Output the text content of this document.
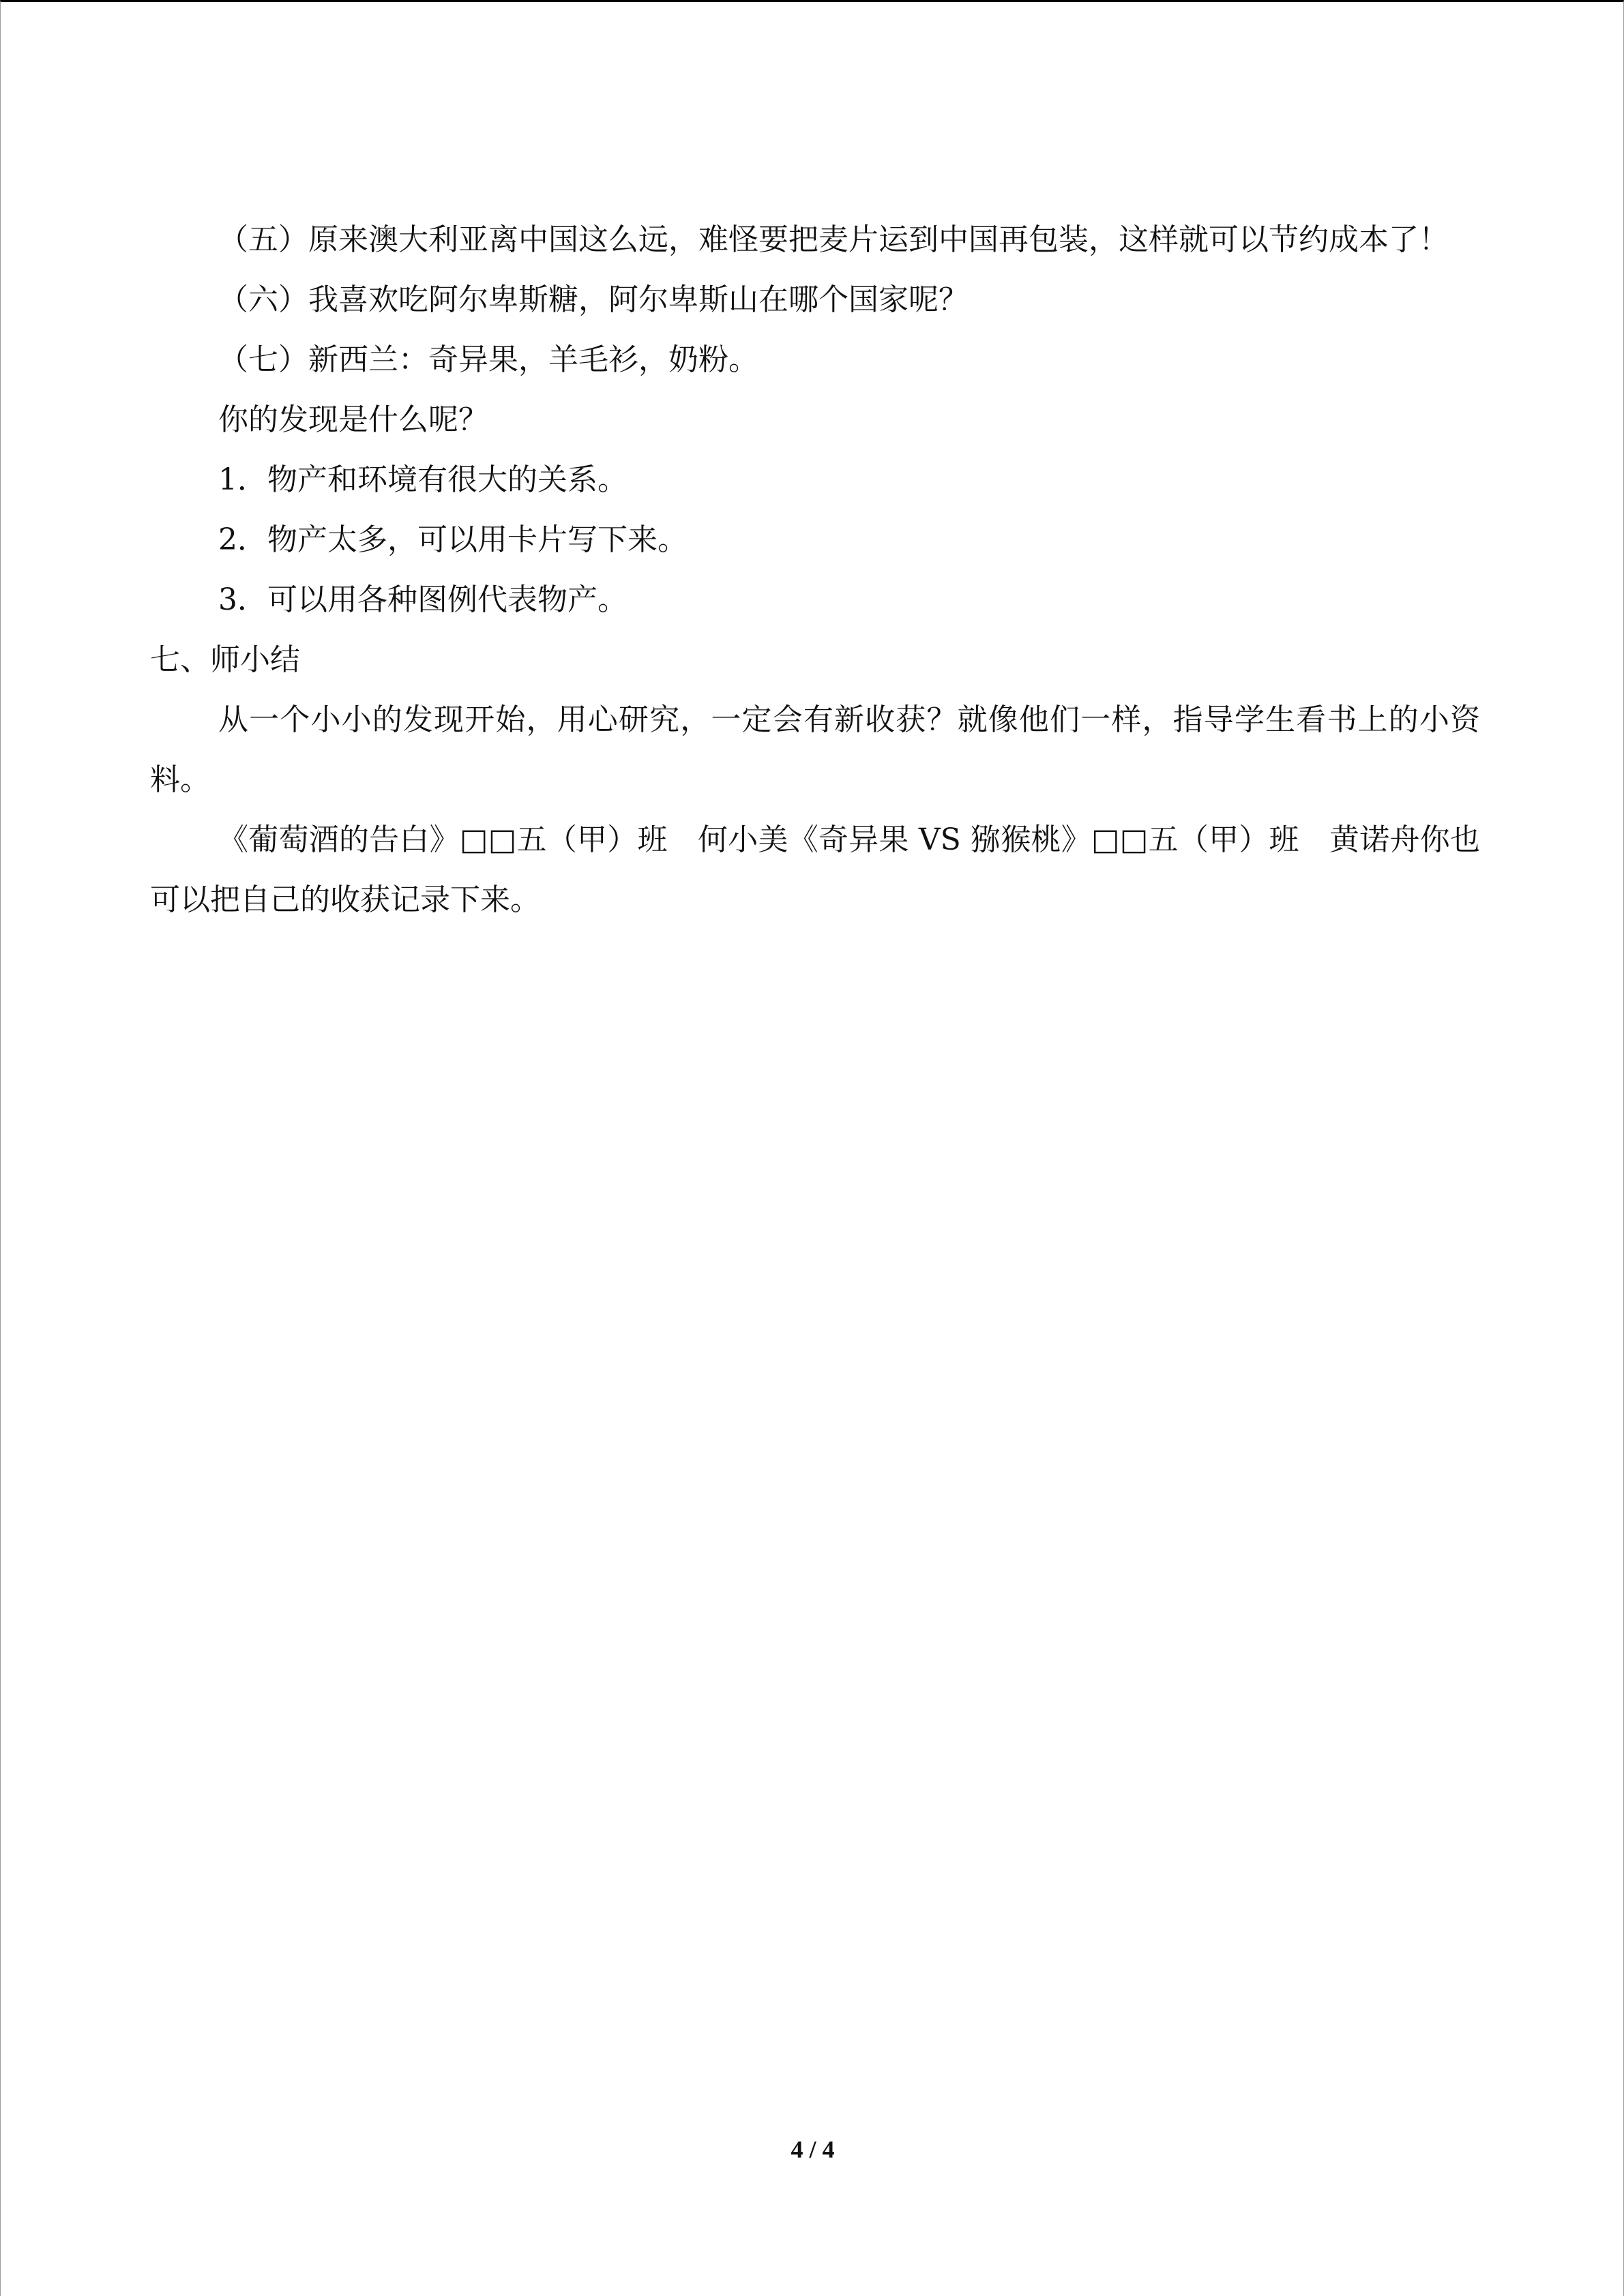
（五）原来澳大利亚离中国这么远，难怪要把麦片运到中国再包装，这样就可以节约成本了！

（六）我喜欢吃阿尔卑斯糖，阿尔卑斯山在哪个国家呢？

（七）新西兰：奇异果，羊毛衫，奶粉。

你的发现是什么呢？

1．物产和环境有很大的关系。

2．物产太多，可以用卡片写下来。

3．可以用各种图例代表物产。

七、师小结

从一个小小的发现开始，用心研究，一定会有新收获？就像他们一样，指导学生看书上的小资料。

《葡萄酒的告白》□□五（甲）班　何小美《奇异果 VS 猕猴桃》□□五（甲）班　黄诺舟你也可以把自己的收获记录下来。

4 / 4
